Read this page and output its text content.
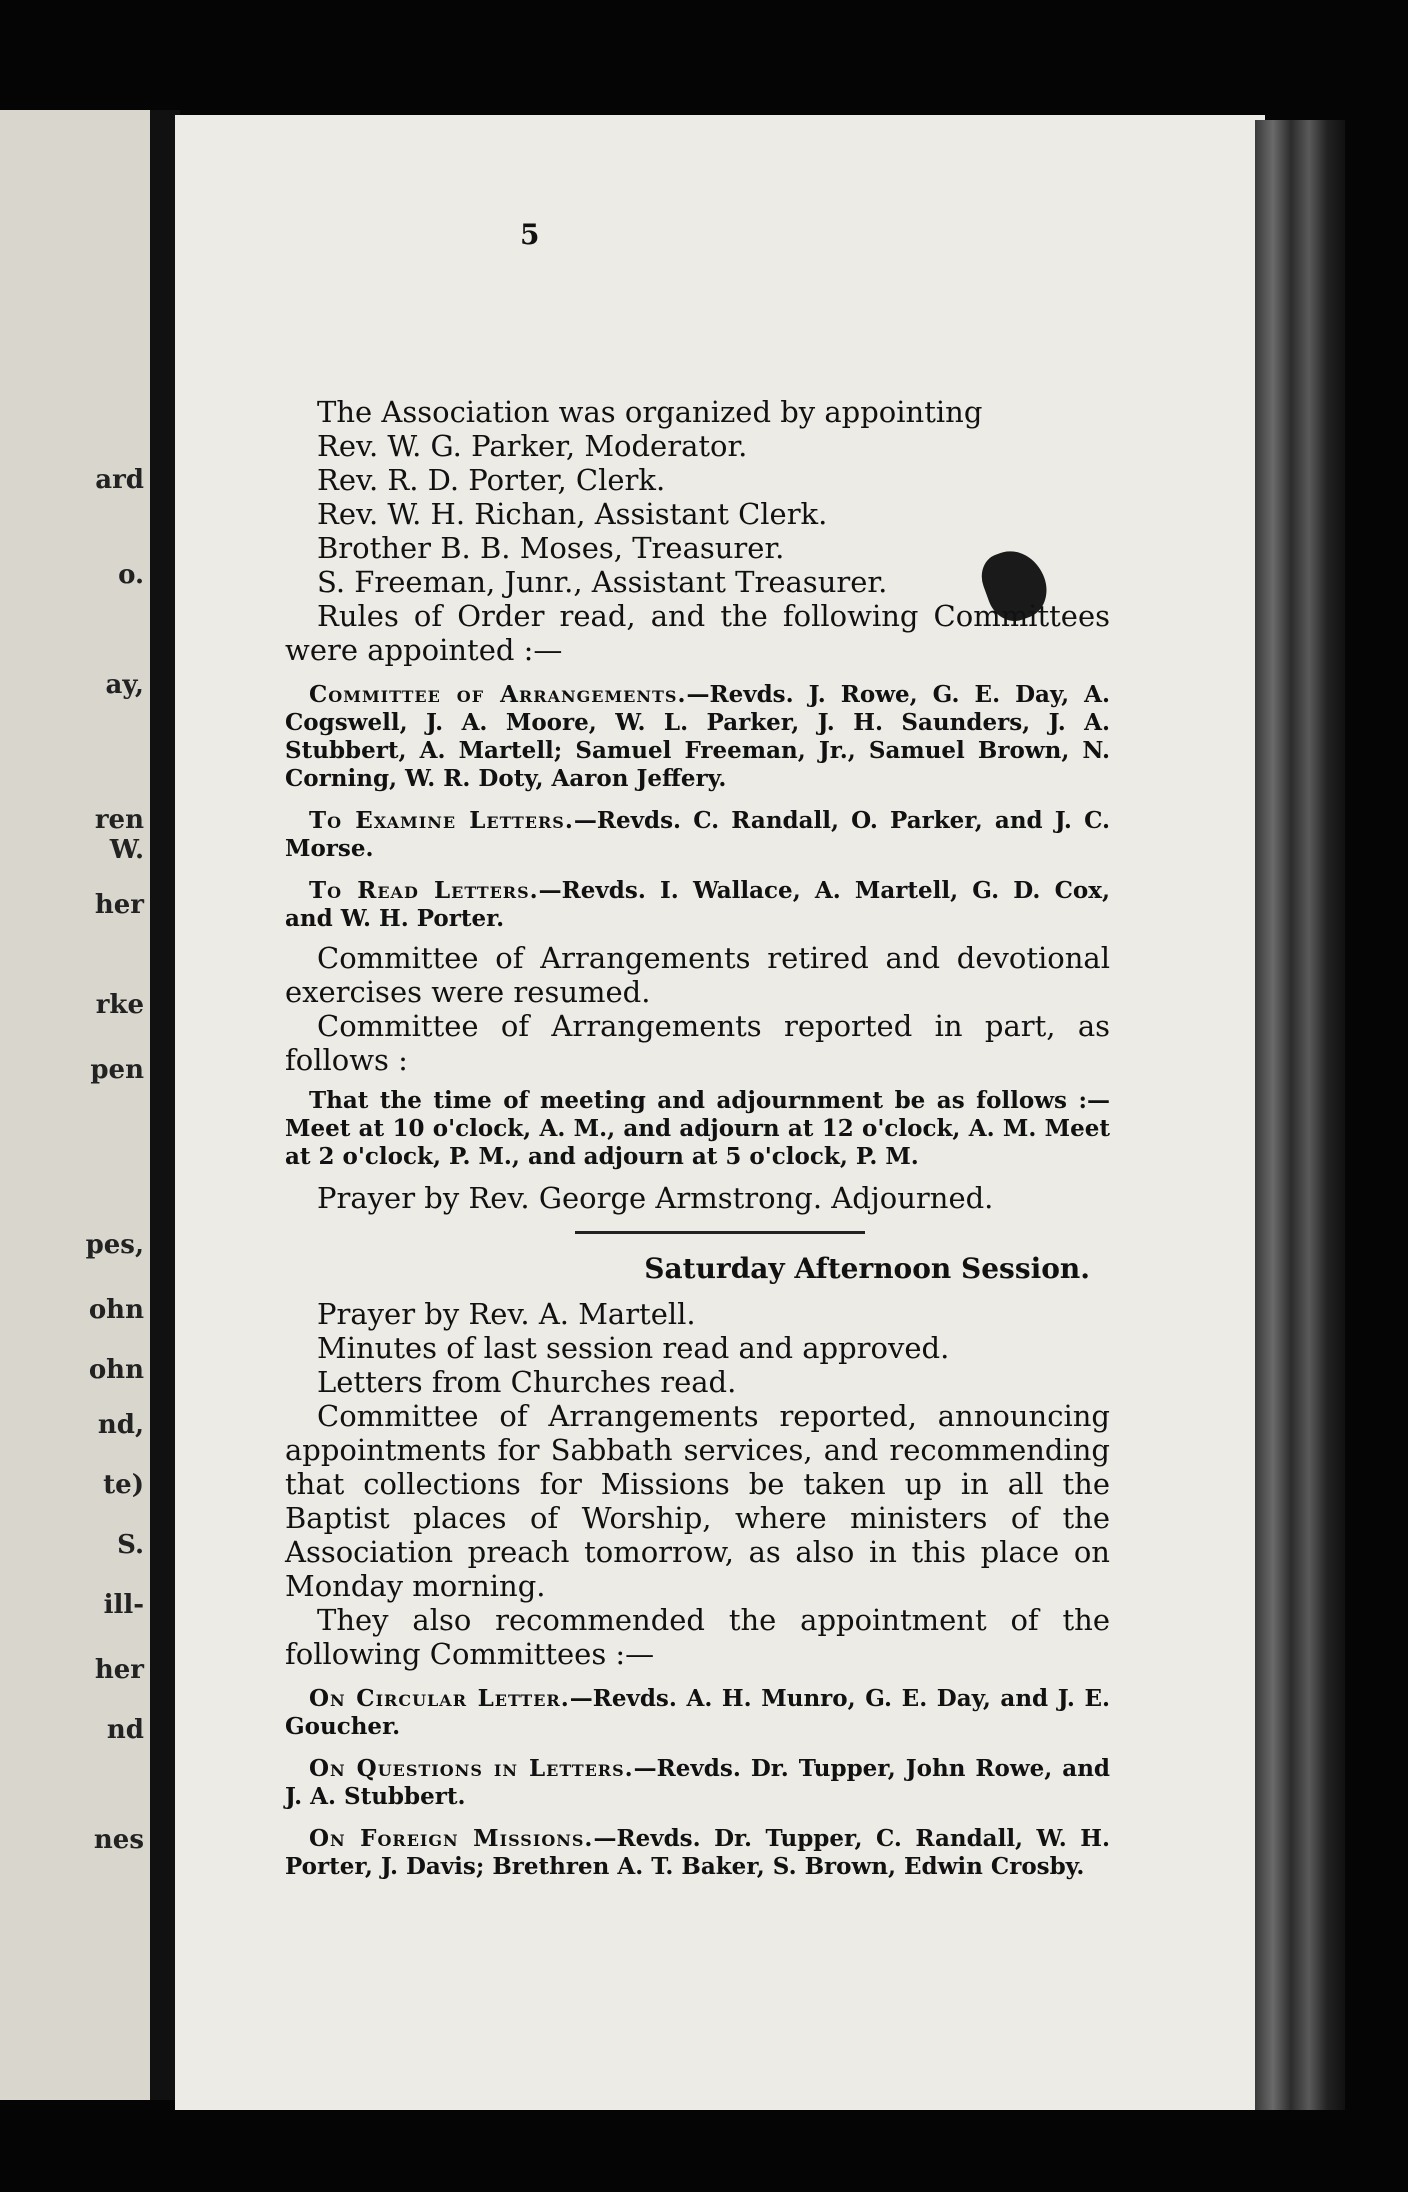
ard
o.
ay,
ren
W.
her
rke
pen
pes,
ohn
ohn
nd,
te)
S.
ill-
her
nd
nes
5

The Association was organized by appointing

Rev. W. G. Parker, Moderator.

Rev. R. D. Porter, Clerk.

Rev. W. H. Richan, Assistant Clerk.

Brother B. B. Moses, Treasurer.

S. Freeman, Junr., Assistant Treasurer.

Rules of Order read, and the following Committees were appointed :—

Committee of Arrangements.—Revds. J. Rowe, G. E. Day, A. Cogswell, J. A. Moore, W. L. Parker, J. H. Saunders, J. A. Stubbert, A. Martell; Samuel Freeman, Jr., Samuel Brown, N. Corning, W. R. Doty, Aaron Jeffery.

To Examine Letters.—Revds. C. Randall, O. Parker, and J. C. Morse.

To Read Letters.—Revds. I. Wallace, A. Martell, G. D. Cox, and W. H. Porter.

Committee of Arrangements retired and devotional exercises were resumed.

Committee of Arrangements reported in part, as follows :

That the time of meeting and adjournment be as follows :—Meet at 10 o'clock, A. M., and adjourn at 12 o'clock, A. M. Meet at 2 o'clock, P. M., and adjourn at 5 o'clock, P. M.

Prayer by Rev. George Armstrong. Adjourned.

Saturday Afternoon Session.

Prayer by Rev. A. Martell.

Minutes of last session read and approved.

Letters from Churches read.

Committee of Arrangements reported, announcing appointments for Sabbath services, and recommending that collections for Missions be taken up in all the Baptist places of Worship, where ministers of the Association preach tomorrow, as also in this place on Monday morning.

They also recommended the appointment of the following Committees :—

On Circular Letter.—Revds. A. H. Munro, G. E. Day, and J. E. Goucher.

On Questions in Letters.—Revds. Dr. Tupper, John Rowe, and J. A. Stubbert.

On Foreign Missions.—Revds. Dr. Tupper, C. Randall, W. H. Porter, J. Davis; Brethren A. T. Baker, S. Brown, Edwin Crosby.
